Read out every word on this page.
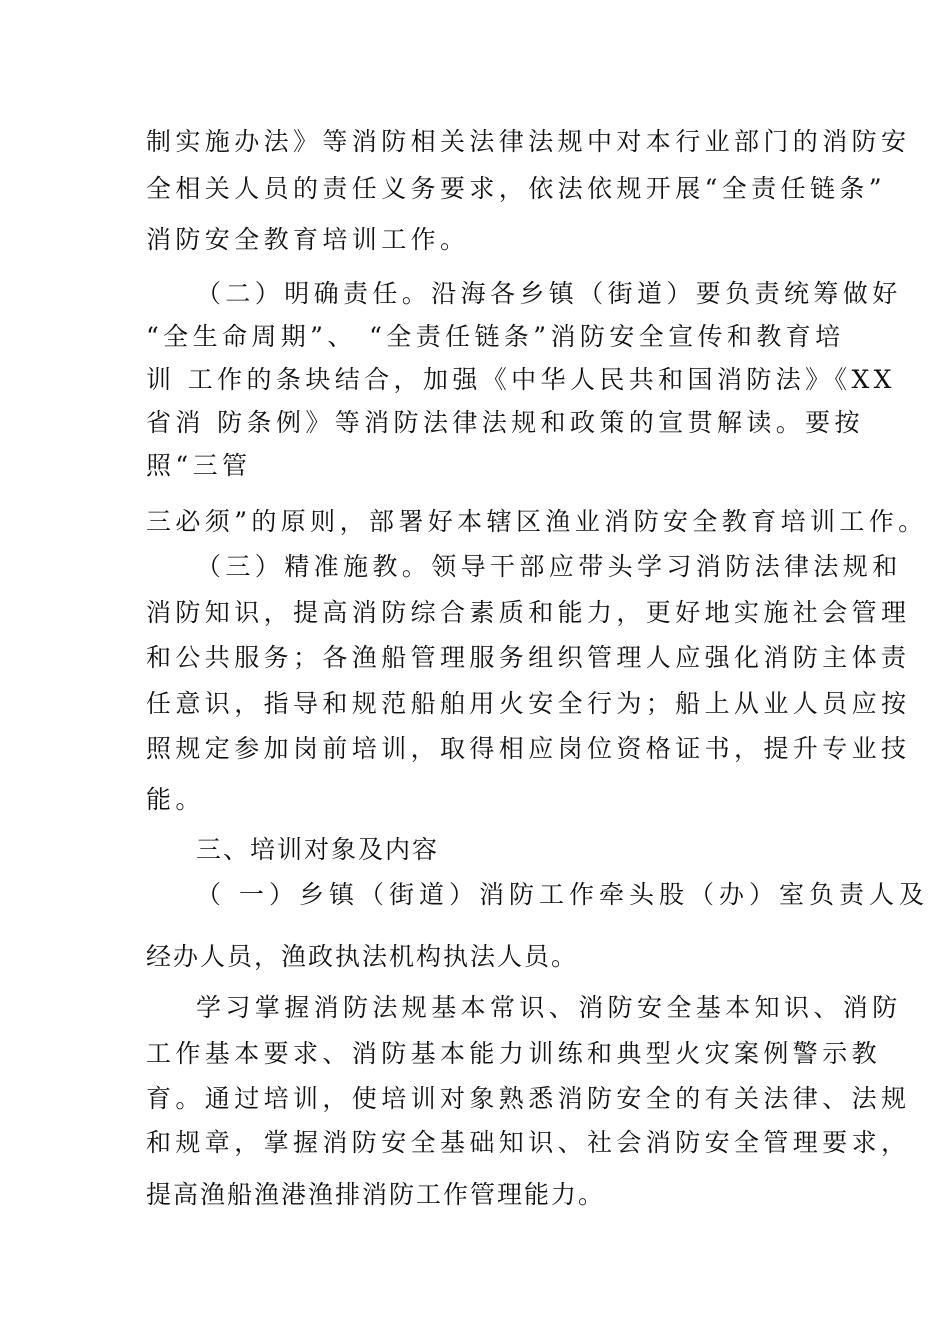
制实施办法》等消防相关法律法规中对本行业部门的消防安
全相关人员的责任义务要求，依法依规开展“全责任链条”
消防安全教育培训工作。
（二）明确责任。沿海各乡镇（街道）要负责统筹做好
“全生命周期”、 “全责任链条”消防安全宣传和教育培
训 工作的条块结合，加强《中华人民共和国消防法》《XX
省消 防条例》等消防法律法规和政策的宣贯解读。要按
照“三管
三必须”的原则，部署好本辖区渔业消防安全教育培训工作。
（三）精准施教。领导干部应带头学习消防法律法规和
消防知识，提高消防综合素质和能力，更好地实施社会管理
和公共服务；各渔船管理服务组织管理人应强化消防主体责
任意识，指导和规范船舶用火安全行为；船上从业人员应按
照规定参加岗前培训，取得相应岗位资格证书，提升专业技
能。
三、培训对象及内容
（ 一）乡镇（街道）消防工作牵头股（办）室负责人及
经办人员，渔政执法机构执法人员。
学习掌握消防法规基本常识、消防安全基本知识、消防
工作基本要求、消防基本能力训练和典型火灾案例警示教
育。通过培训，使培训对象熟悉消防安全的有关法律、法规
和规章，掌握消防安全基础知识、社会消防安全管理要求，
提高渔船渔港渔排消防工作管理能力。
